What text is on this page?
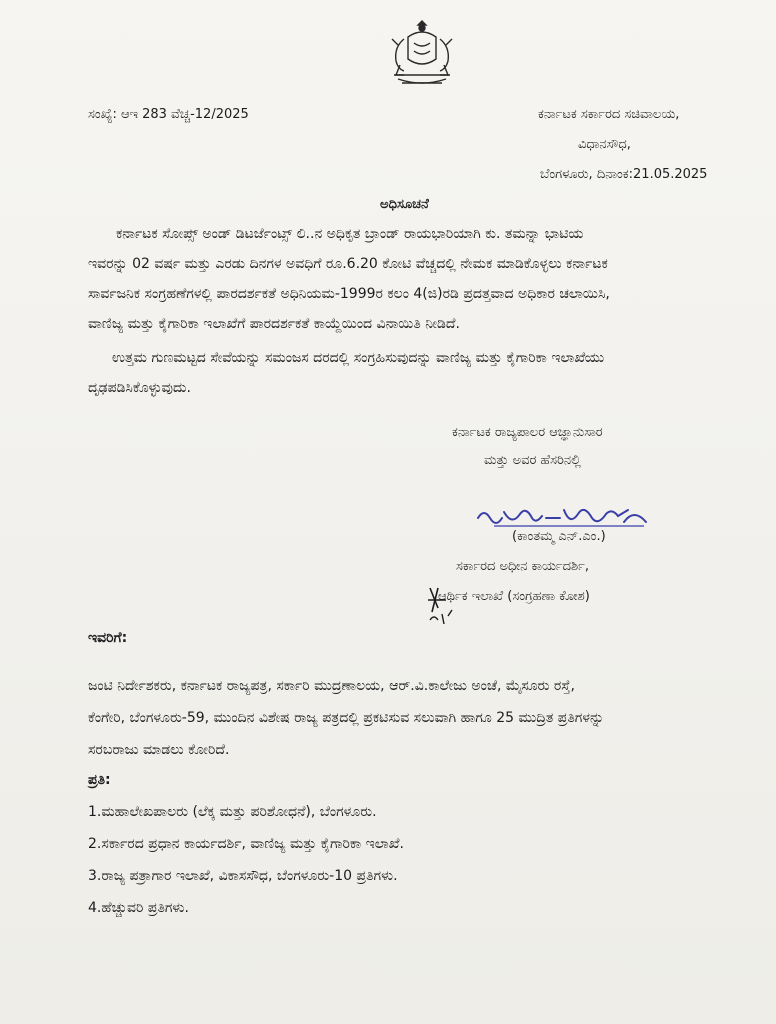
ಸಂಖ್ಯೆ: ಆಇ 283 ವೆಚ್ಚ-12/2025	ಕರ್ನಾಟಕ ಸರ್ಕಾರದ ಸಚಿವಾಲಯ,
ವಿಧಾನಸೌಧ,
ಬೆಂಗಳೂರು, ದಿನಾಂಕ:21.05.2025
ಅಧಿಸೂಚನೆ
ಕರ್ನಾಟಕ ಸೋಪ್ಸ್ ಅಂಡ್ ಡಿಟರ್ಜೆಂಟ್ಸ್ ಲಿ..ನ ಅಧಿಕೃತ ಬ್ರಾಂಡ್ ರಾಯಭಾರಿಯಾಗಿ ಕು. ತಮನ್ನಾ ಭಾಟಿಯ
ಇವರನ್ನು 02 ವರ್ಷ ಮತ್ತು ಎರಡು ದಿನಗಳ ಅವಧಿಗೆ ರೂ.6.20 ಕೋಟಿ ವೆಚ್ಚದಲ್ಲಿ ನೇಮಕ ಮಾಡಿಕೊಳ್ಳಲು ಕರ್ನಾಟಕ
ಸಾರ್ವಜನಿಕ ಸಂಗ್ರಹಣೆಗಳಲ್ಲಿ ಪಾರದರ್ಶಕತೆ ಅಧಿನಿಯಮ-1999ರ ಕಲಂ 4(ಜಿ)ರಡಿ ಪ್ರದತ್ತವಾದ ಅಧಿಕಾರ ಚಲಾಯಿಸಿ,
ವಾಣಿಜ್ಯ ಮತ್ತು ಕೈಗಾರಿಕಾ ಇಲಾಖೆಗೆ ಪಾರದರ್ಶಕತೆ ಕಾಯ್ದೆಯಿಂದ ವಿನಾಯಿತಿ ನೀಡಿದೆ.
ಉತ್ತಮ ಗುಣಮಟ್ಟದ ಸೇವೆಯನ್ನು ಸಮಂಜಸ ದರದಲ್ಲಿ ಸಂಗ್ರಹಿಸುವುದನ್ನು ವಾಣಿಜ್ಯ ಮತ್ತು ಕೈಗಾರಿಕಾ ಇಲಾಖೆಯು
ದೃಢಪಡಿಸಿಕೊಳ್ಳುವುದು.
ಕರ್ನಾಟಕ ರಾಜ್ಯಪಾಲರ ಆಜ್ಞಾನುಸಾರ
ಮತ್ತು ಅವರ ಹೆಸರಿನಲ್ಲಿ
(ಕಾಂತಮ್ಮ ಎನ್.ಎಂ.)
ಸರ್ಕಾರದ ಅಧೀನ ಕಾರ್ಯದರ್ಶಿ,
ಆರ್ಥಿಕ ಇಲಾಖೆ (ಸಂಗ್ರಹಣಾ ಕೋಶ)
ಇವರಿಗೆ:
ಜಂಟಿ ನಿರ್ದೇಶಕರು, ಕರ್ನಾಟಕ ರಾಜ್ಯಪತ್ರ, ಸರ್ಕಾರಿ ಮುದ್ರಣಾಲಯ, ಆರ್.ವಿ.ಕಾಲೇಜು ಅಂಚೆ, ಮೈಸೂರು ರಸ್ತೆ,
ಕೆಂಗೇರಿ, ಬೆಂಗಳೂರು-59, ಮುಂದಿನ ವಿಶೇಷ ರಾಜ್ಯ ಪತ್ರದಲ್ಲಿ ಪ್ರಕಟಿಸುವ ಸಲುವಾಗಿ ಹಾಗೂ 25 ಮುದ್ರಿತ ಪ್ರತಿಗಳನ್ನು
ಸರಬರಾಜು ಮಾಡಲು ಕೋರಿದೆ.
ಪ್ರತಿ:
1.ಮಹಾಲೇಖಪಾಲರು (ಲೆಕ್ಕ ಮತ್ತು ಪರಿಶೋಧನೆ), ಬೆಂಗಳೂರು.
2.ಸರ್ಕಾರದ ಪ್ರಧಾನ ಕಾರ್ಯದರ್ಶಿ, ವಾಣಿಜ್ಯ ಮತ್ತು ಕೈಗಾರಿಕಾ ಇಲಾಖೆ.
3.ರಾಜ್ಯ ಪತ್ರಾಗಾರ ಇಲಾಖೆ, ವಿಕಾಸಸೌಧ, ಬೆಂಗಳೂರು-10 ಪ್ರತಿಗಳು.
4.ಹೆಚ್ಚುವರಿ ಪ್ರತಿಗಳು.
